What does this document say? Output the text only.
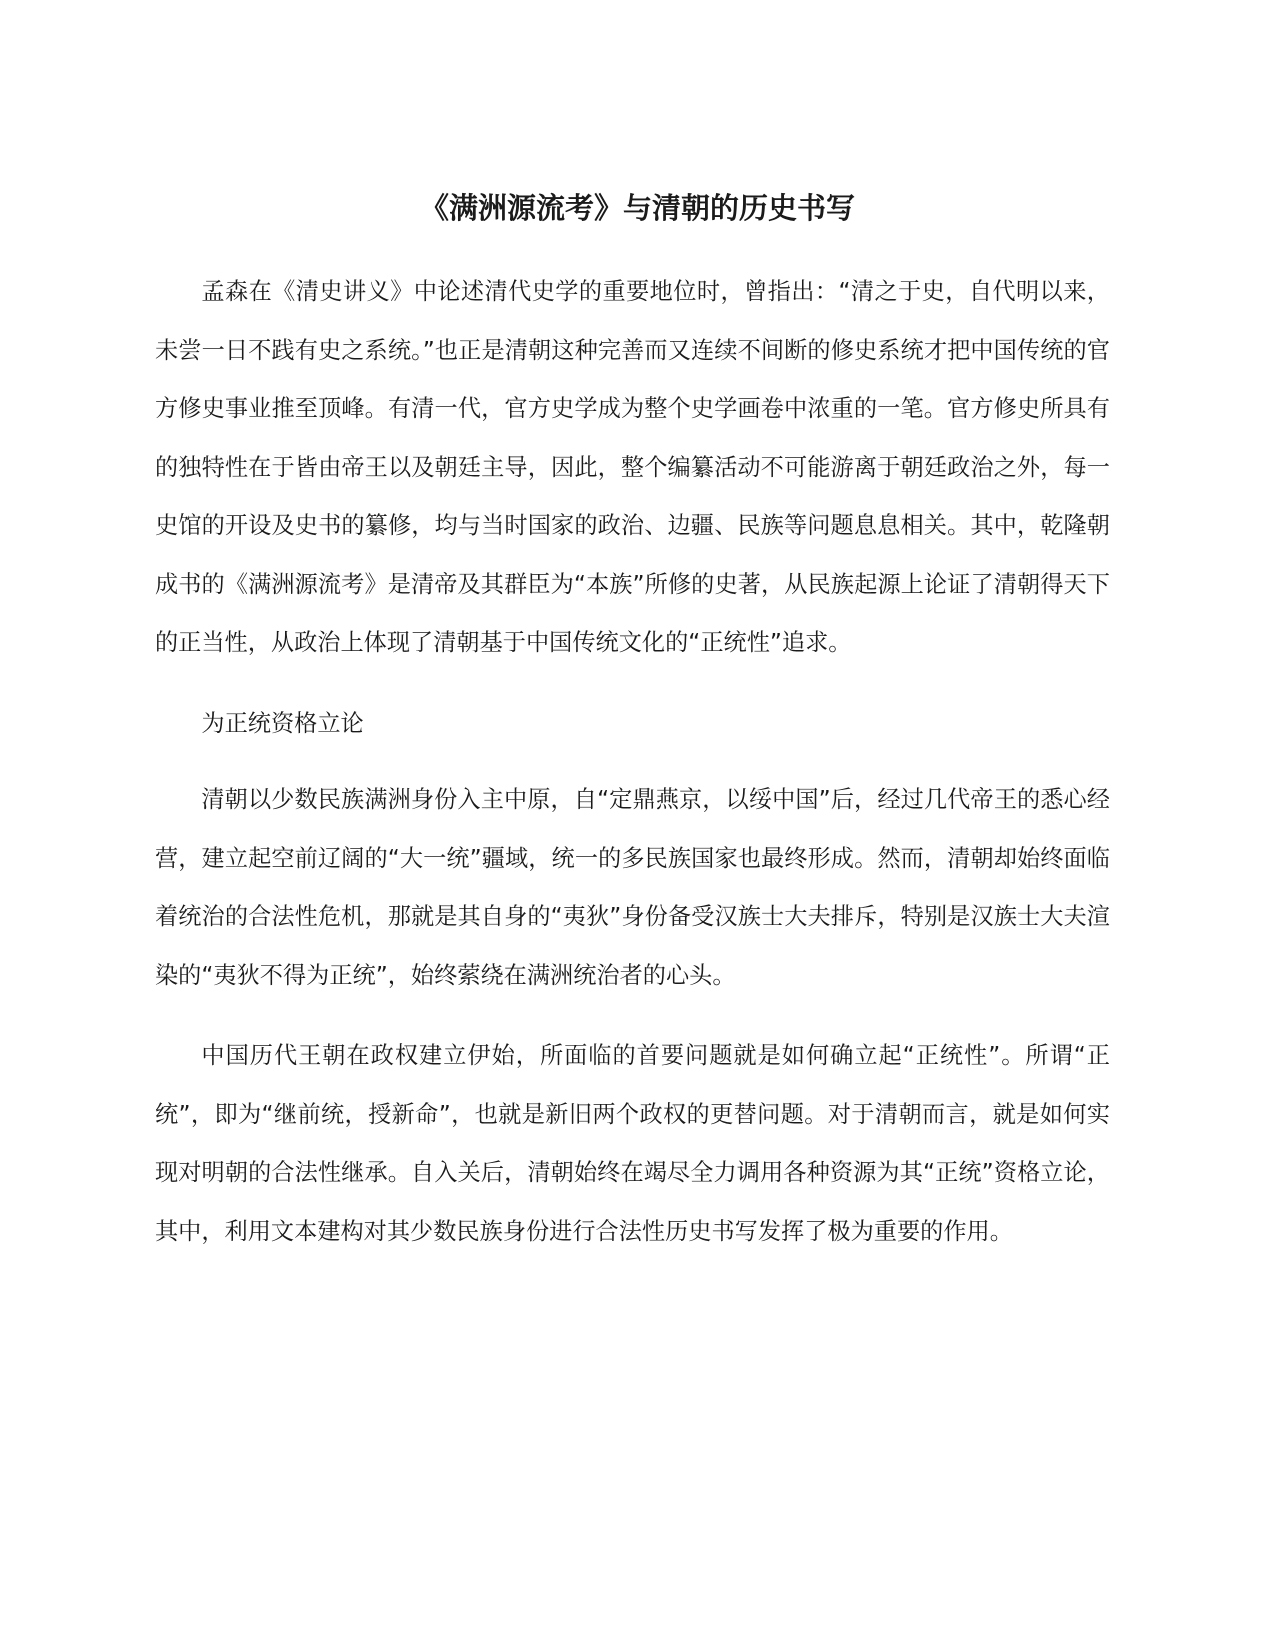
《满洲源流考》与清朝的历史书写

孟森在《清史讲义》中论述清代史学的重要地位时，曾指出：“清之于史，自代明以来，未尝一日不践有史之系统。”也正是清朝这种完善而又连续不间断的修史系统才把中国传统的官方修史事业推至顶峰。有清一代，官方史学成为整个史学画卷中浓重的一笔。官方修史所具有的独特性在于皆由帝王以及朝廷主导，因此，整个编纂活动不可能游离于朝廷政治之外，每一史馆的开设及史书的纂修，均与当时国家的政治、边疆、民族等问题息息相关。其中，乾隆朝成书的《满洲源流考》是清帝及其群臣为“本族”所修的史著，从民族起源上论证了清朝得天下的正当性，从政治上体现了清朝基于中国传统文化的“正统性”追求。

为正统资格立论

清朝以少数民族满洲身份入主中原，自“定鼎燕京，以绥中国”后，经过几代帝王的悉心经营，建立起空前辽阔的“大一统”疆域，统一的多民族国家也最终形成。然而，清朝却始终面临着统治的合法性危机，那就是其自身的“夷狄”身份备受汉族士大夫排斥，特别是汉族士大夫渲染的“夷狄不得为正统”，始终萦绕在满洲统治者的心头。

中国历代王朝在政权建立伊始，所面临的首要问题就是如何确立起“正统性”。所谓“正统”，即为“继前统，授新命”，也就是新旧两个政权的更替问题。对于清朝而言，就是如何实现对明朝的合法性继承。自入关后，清朝始终在竭尽全力调用各种资源为其“正统”资格立论，其中，利用文本建构对其少数民族身份进行合法性历史书写发挥了极为重要的作用。
